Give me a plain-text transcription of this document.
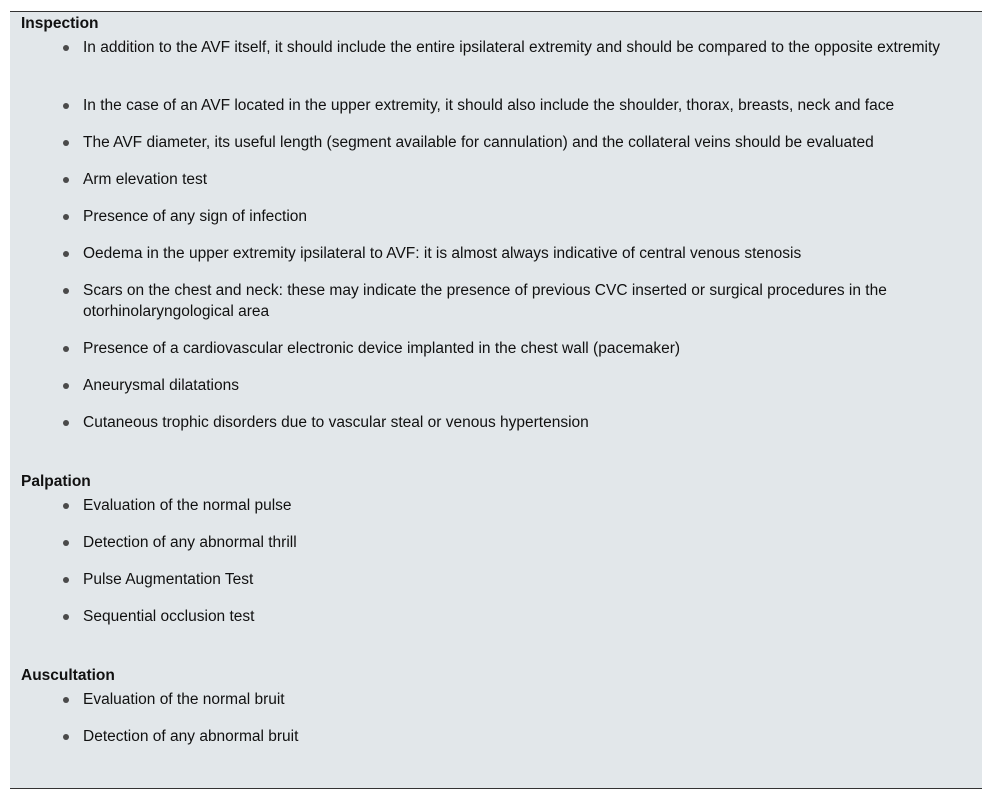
Inspection
In addition to the AVF itself, it should include the entire ipsilateral extremity and should be compared to the opposite extremity
In the case of an AVF located in the upper extremity, it should also include the shoulder, thorax, breasts, neck and face
The AVF diameter, its useful length (segment available for cannulation) and the collateral veins should be evaluated
Arm elevation test
Presence of any sign of infection
Oedema in the upper extremity ipsilateral to AVF: it is almost always indicative of central venous stenosis
Scars on the chest and neck: these may indicate the presence of previous CVC inserted or surgical procedures in the otorhinolaryngological area
Presence of a cardiovascular electronic device implanted in the chest wall (pacemaker)
Aneurysmal dilatations
Cutaneous trophic disorders due to vascular steal or venous hypertension
Palpation
Evaluation of the normal pulse
Detection of any abnormal thrill
Pulse Augmentation Test
Sequential occlusion test
Auscultation
Evaluation of the normal bruit
Detection of any abnormal bruit
